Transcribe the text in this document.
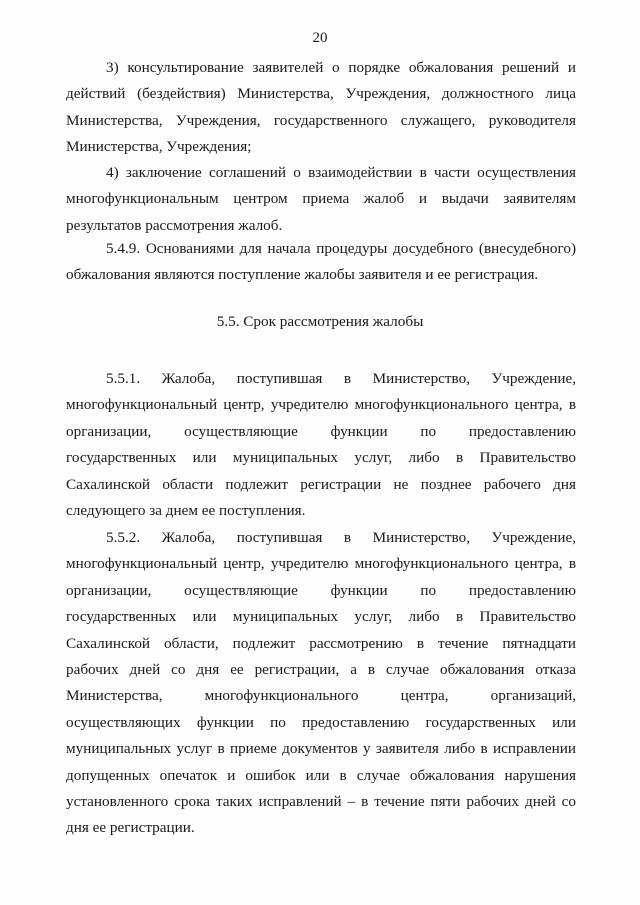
20
3) консультирование заявителей о порядке обжалования решений и
действий (бездействия) Министерства, Учреждения, должностного лица
Министерства, Учреждения, государственного служащего, руководителя
Министерства, Учреждения;
4) заключение соглашений о взаимодействии в части осуществления
многофункциональным центром приема жалоб и выдачи заявителям
результатов рассмотрения жалоб.
5.4.9. Основаниями для начала процедуры досудебного (внесудебного)
обжалования являются поступление жалобы заявителя и ее регистрация.
5.5. Срок рассмотрения жалобы
5.5.1. Жалоба, поступившая в Министерство, Учреждение,
многофункциональный центр, учредителю многофункционального центра, в
организации, осуществляющие функции по предоставлению
государственных или муниципальных услуг, либо в Правительство
Сахалинской области подлежит регистрации не позднее рабочего дня
следующего за днем ее поступления.
5.5.2. Жалоба, поступившая в Министерство, Учреждение,
многофункциональный центр, учредителю многофункционального центра, в
организации, осуществляющие функции по предоставлению
государственных или муниципальных услуг, либо в Правительство
Сахалинской области, подлежит рассмотрению в течение пятнадцати
рабочих дней со дня ее регистрации, а в случае обжалования отказа
Министерства, многофункционального центра, организаций,
осуществляющих функции по предоставлению государственных или
муниципальных услуг в приеме документов у заявителя либо в исправлении
допущенных опечаток и ошибок или в случае обжалования нарушения
установленного срока таких исправлений – в течение пяти рабочих дней со
дня ее регистрации.
